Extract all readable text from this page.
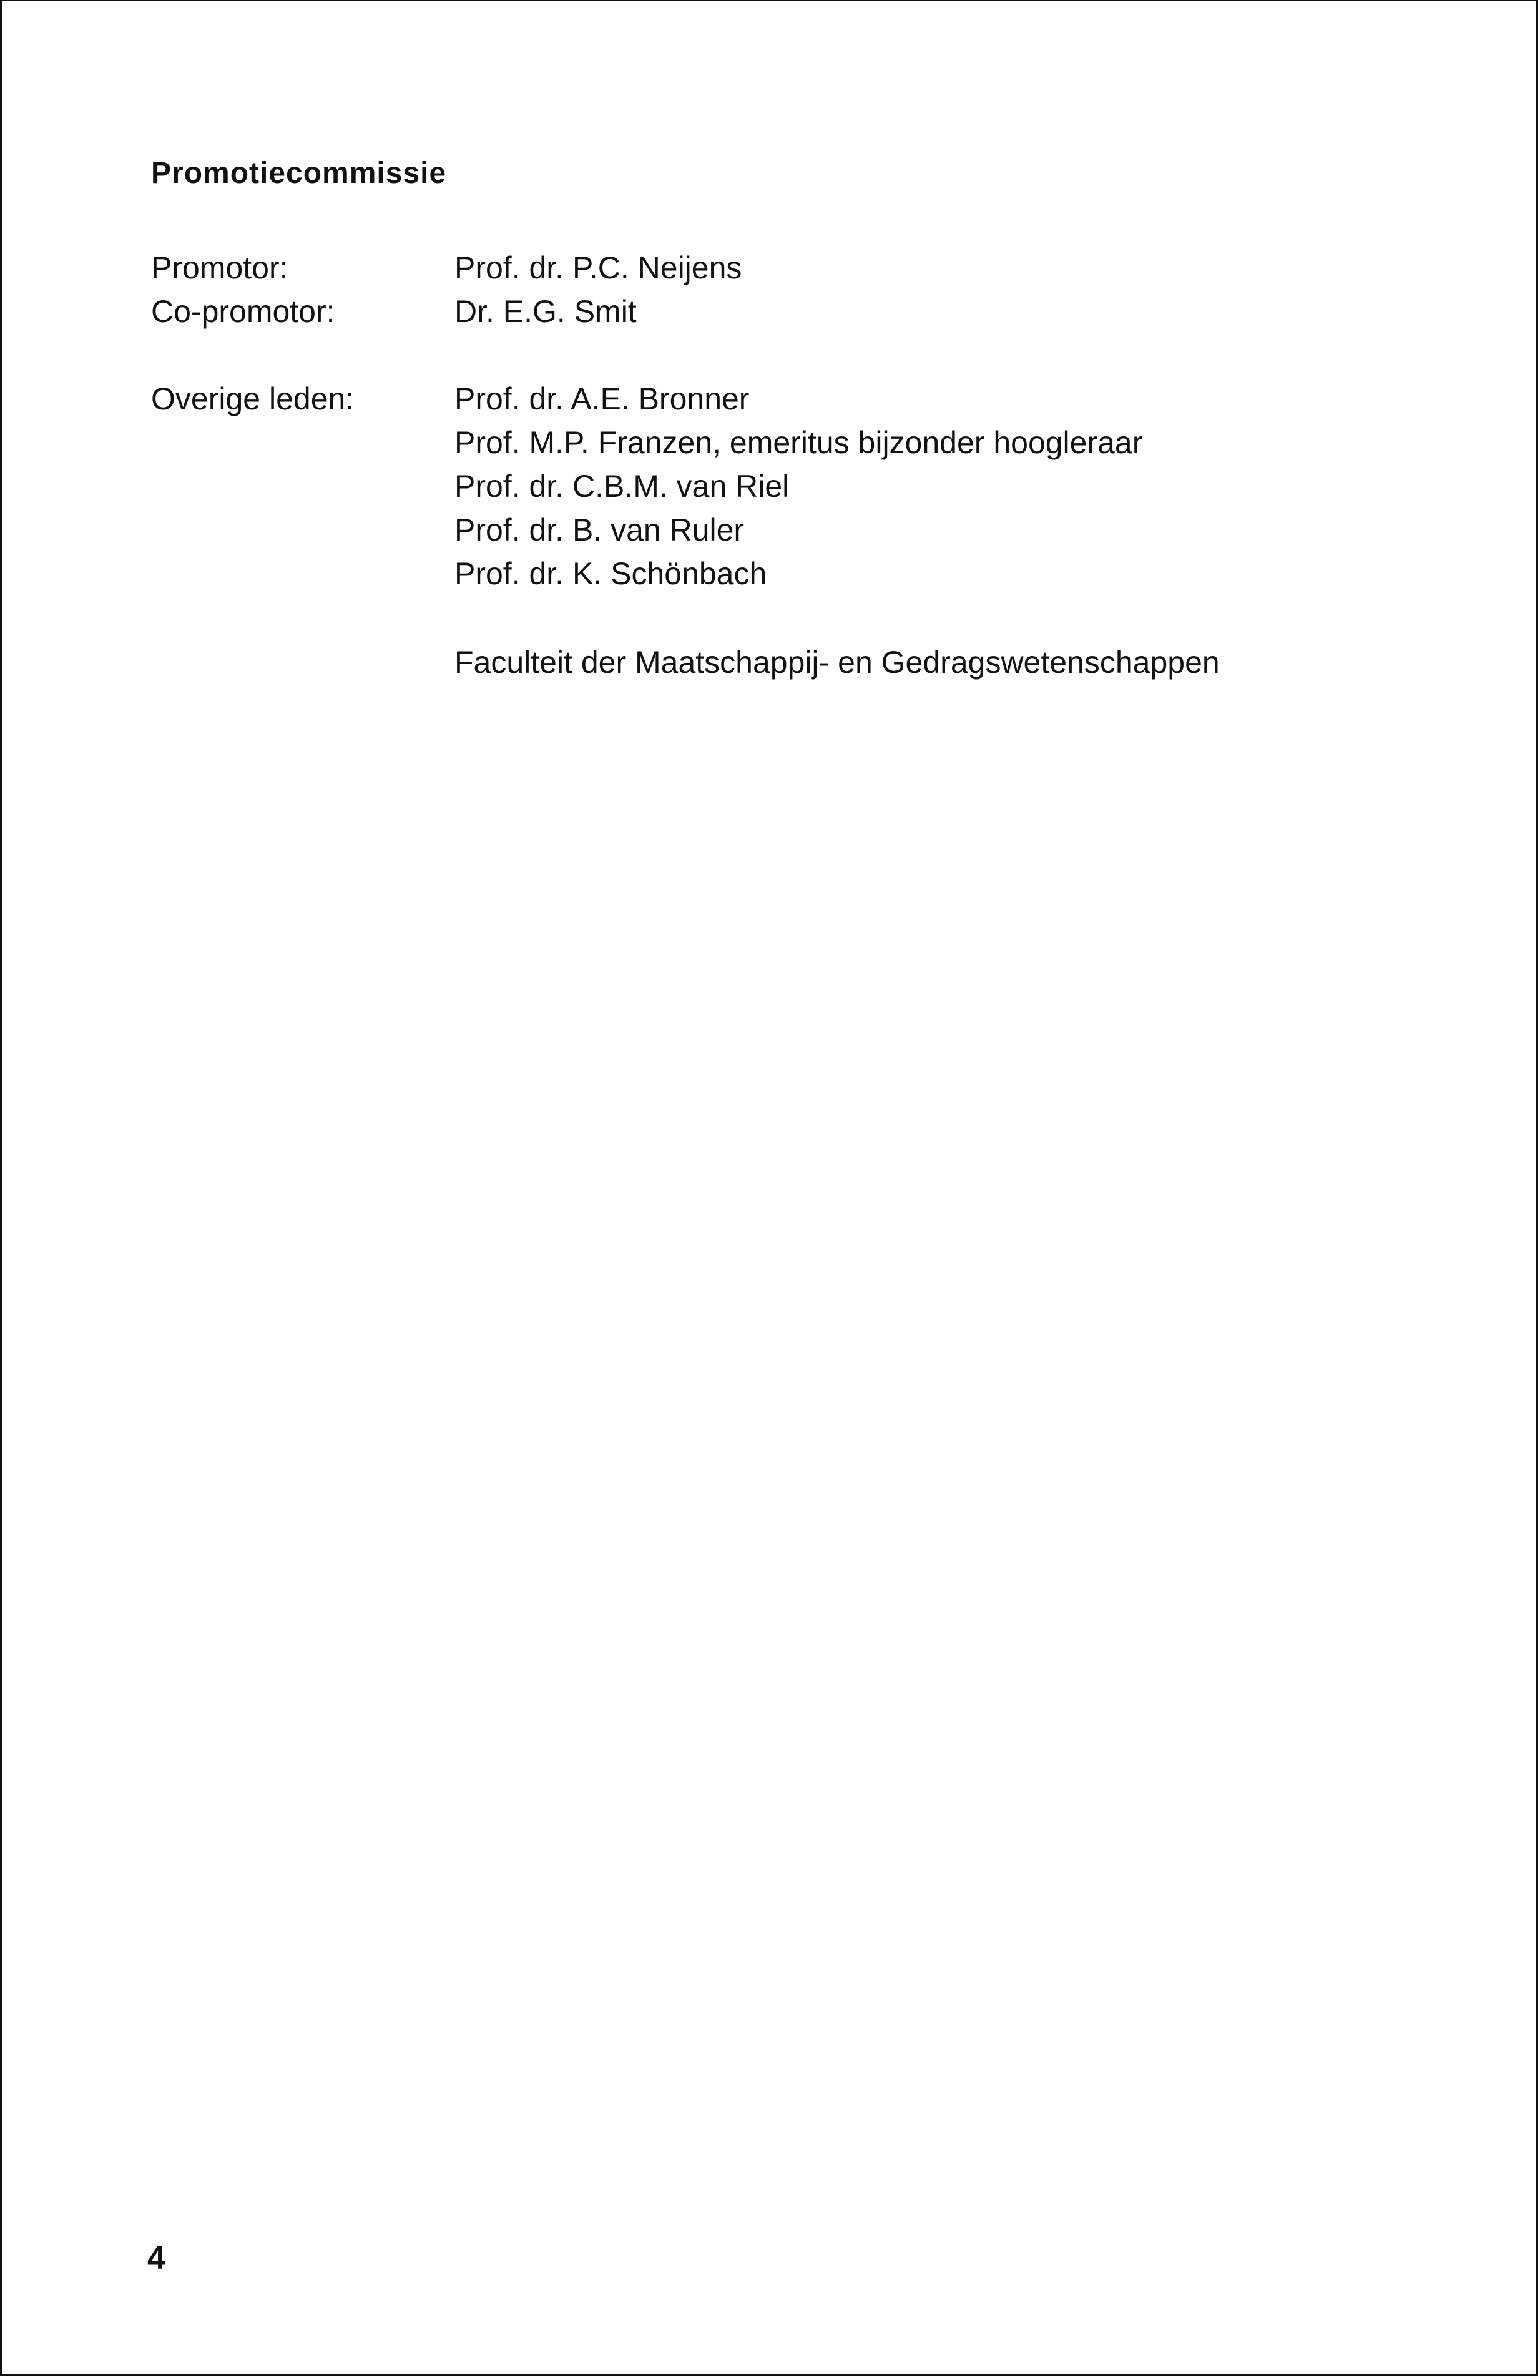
Promotiecommissie
Promotor:	Prof. dr. P.C. Neijens
Co-promotor:	Dr. E.G. Smit
Overige leden:	Prof. dr. A.E. Bronner
Prof. M.P. Franzen, emeritus bijzonder hoogleraar
Prof. dr. C.B.M. van Riel
Prof. dr. B. van Ruler
Prof. dr. K. Schönbach
Faculteit der Maatschappij- en Gedragswetenschappen
4
